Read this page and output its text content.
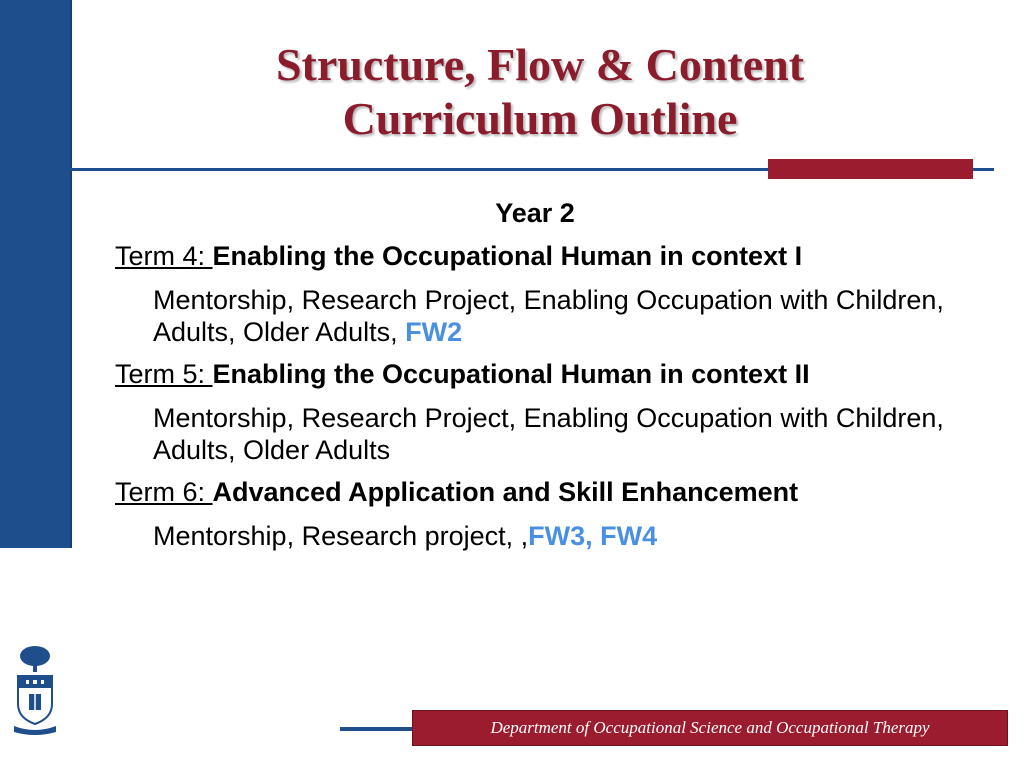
Structure, Flow & Content
Curriculum Outline
Year 2
Term 4: Enabling the Occupational Human in context I
Mentorship, Research Project, Enabling Occupation with Children, Adults, Older Adults, FW2
Term 5: Enabling the Occupational Human in context II
Mentorship, Research Project, Enabling Occupation with Children, Adults, Older Adults
Term 6: Advanced Application and Skill Enhancement
Mentorship, Research project, ,FW3, FW4
Department of Occupational Science and Occupational Therapy
